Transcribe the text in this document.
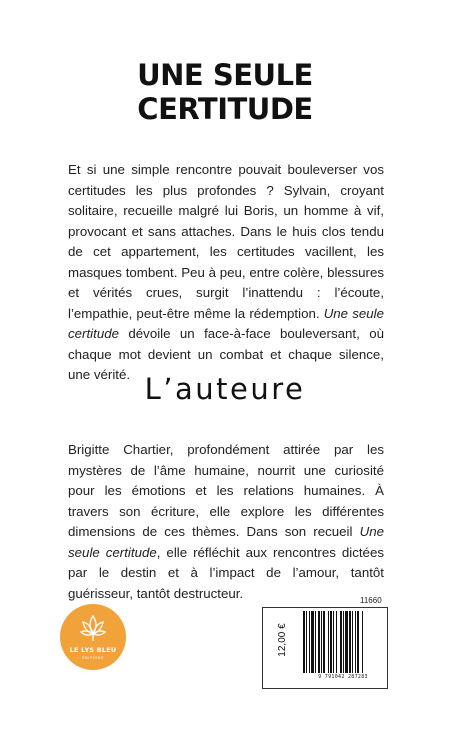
UNE SEULE
CERTITUDE

Et si une simple rencontre pouvait bouleverser vos certitudes les plus profondes ? Sylvain, croyant solitaire, recueille malgré lui Boris, un homme à vif, provocant et sans attaches. Dans le huis clos tendu de cet appartement, les certitudes vacillent, les masques tombent. Peu à peu, entre colère, blessures et vérités crues, surgit l’inattendu : l’écoute, l’empathie, peut-être même la rédemption. Une seule certitude dévoile un face-à-face bouleversant, où chaque mot devient un combat et chaque silence, une vérité. L’auteure

Brigitte Chartier, profondément attirée par les mystères de l’âme humaine, nourrit une curiosité pour les émotions et les relations humaines. À travers son écriture, elle explore les différentes dimensions de ces thèmes. Dans son recueil Une seule certitude, elle réfléchit aux rencontres dictées par le destin et à l’impact de l’amour, tantôt guérisseur, tantôt destructeur.

LE LYS BLEU
ÉDITIONS
11660
9 791042 287283
12,00 €
